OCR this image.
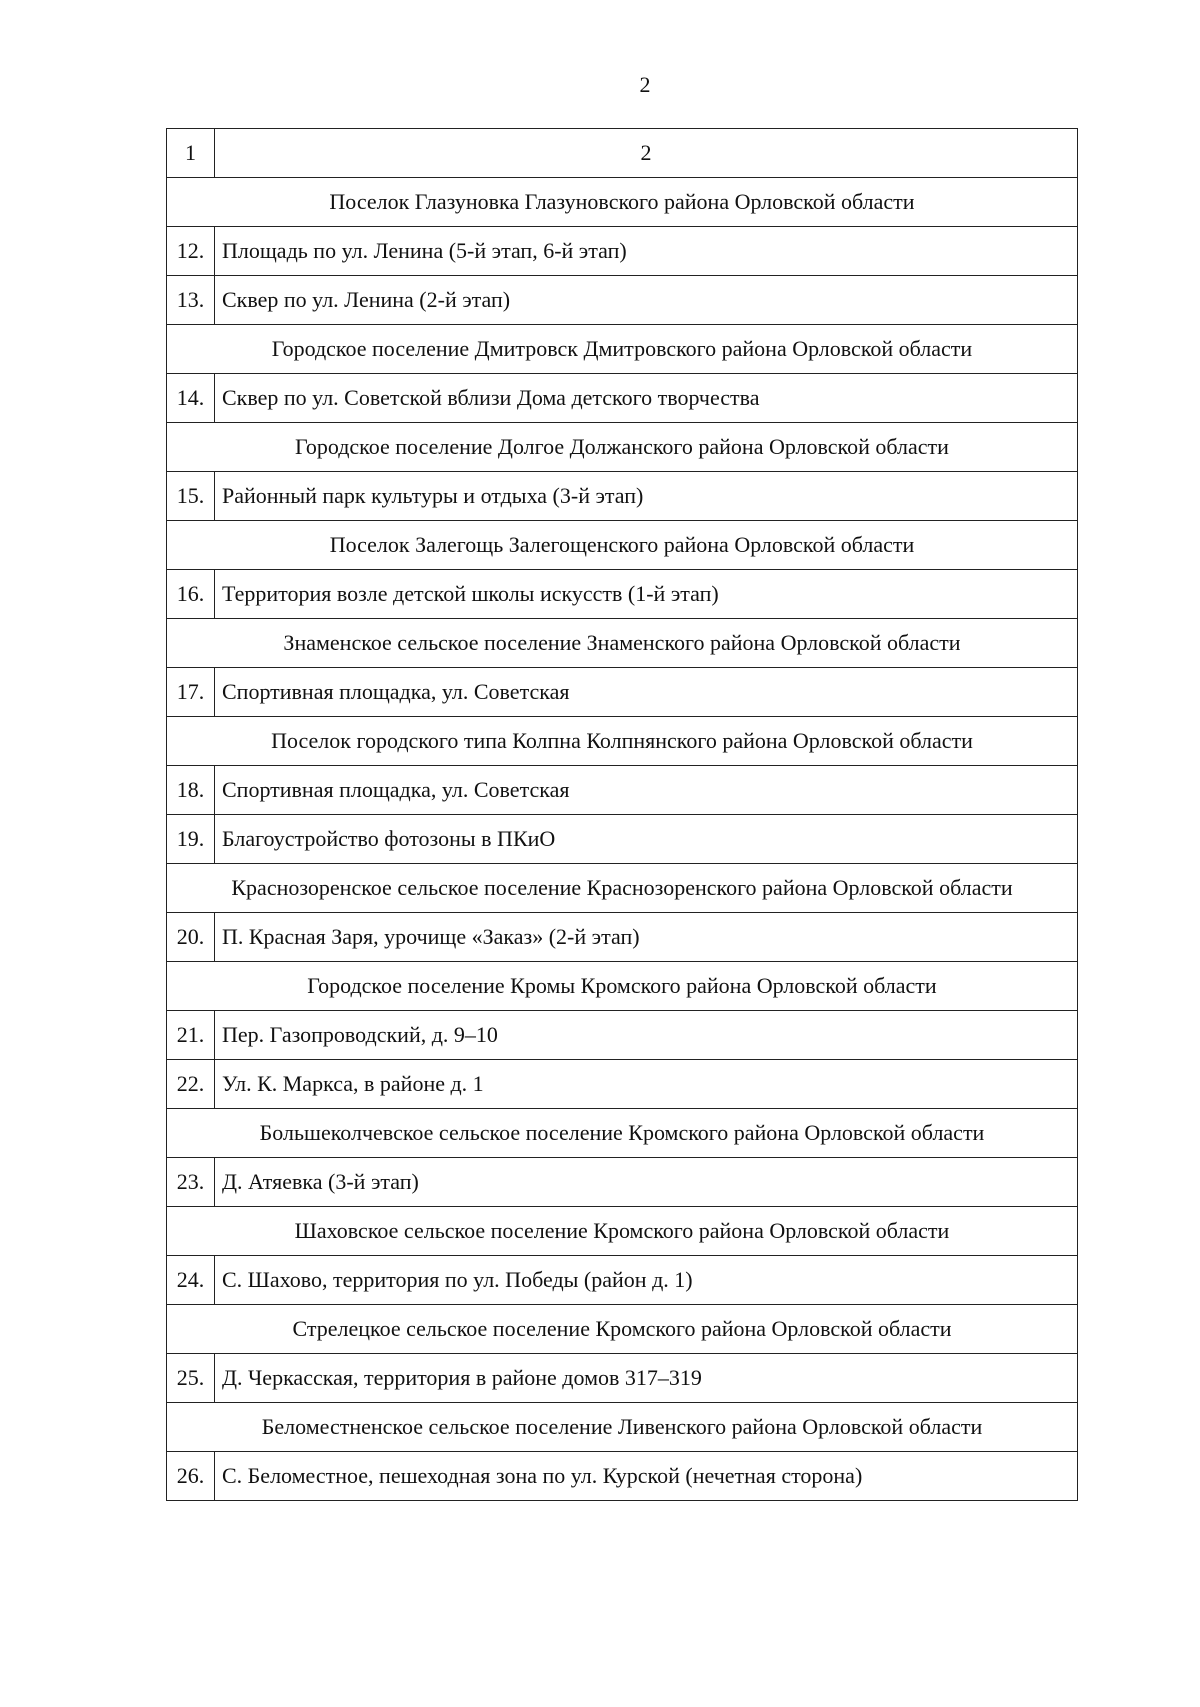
2
1	2
Поселок Глазуновка Глазуновского района Орловской области	
12.	Площадь по ул. Ленина (5-й этап, 6-й этап)
13.	Сквер по ул. Ленина (2-й этап)
Городское поселение Дмитровск Дмитровского района Орловской области	
14.	Сквер по ул. Советской вблизи Дома детского творчества
Городское поселение Долгое Должанского района Орловской области	
15.	Районный парк культуры и отдыха (3-й этап)
Поселок Залегощь Залегощенского района Орловской области	
16.	Территория возле детской школы искусств (1-й этап)
Знаменское сельское поселение Знаменского района Орловской области	
17.	Спортивная площадка, ул. Советская
Поселок городского типа Колпна Колпнянского района Орловской области	
18.	Спортивная площадка, ул. Советская
19.	Благоустройство фотозоны в ПКиО
Краснозоренское сельское поселение Краснозоренского района Орловской области	
20.	П. Красная Заря, урочище «Заказ» (2-й этап)
Городское поселение Кромы Кромского района Орловской области	
21.	Пер. Газопроводский, д. 9–10
22.	Ул. К. Маркса, в районе д. 1
Большеколчевское сельское поселение Кромского района Орловской области	
23.	Д. Атяевка (3-й этап)
Шаховское сельское поселение Кромского района Орловской области	
24.	С. Шахово, территория по ул. Победы (район д. 1)
Стрелецкое сельское поселение Кромского района Орловской области	
25.	Д. Черкасская, территория в районе домов 317–319
Беломестненское сельское поселение Ливенского района Орловской области	
26.	С. Беломестное, пешеходная зона по ул. Курской (нечетная сторона)
